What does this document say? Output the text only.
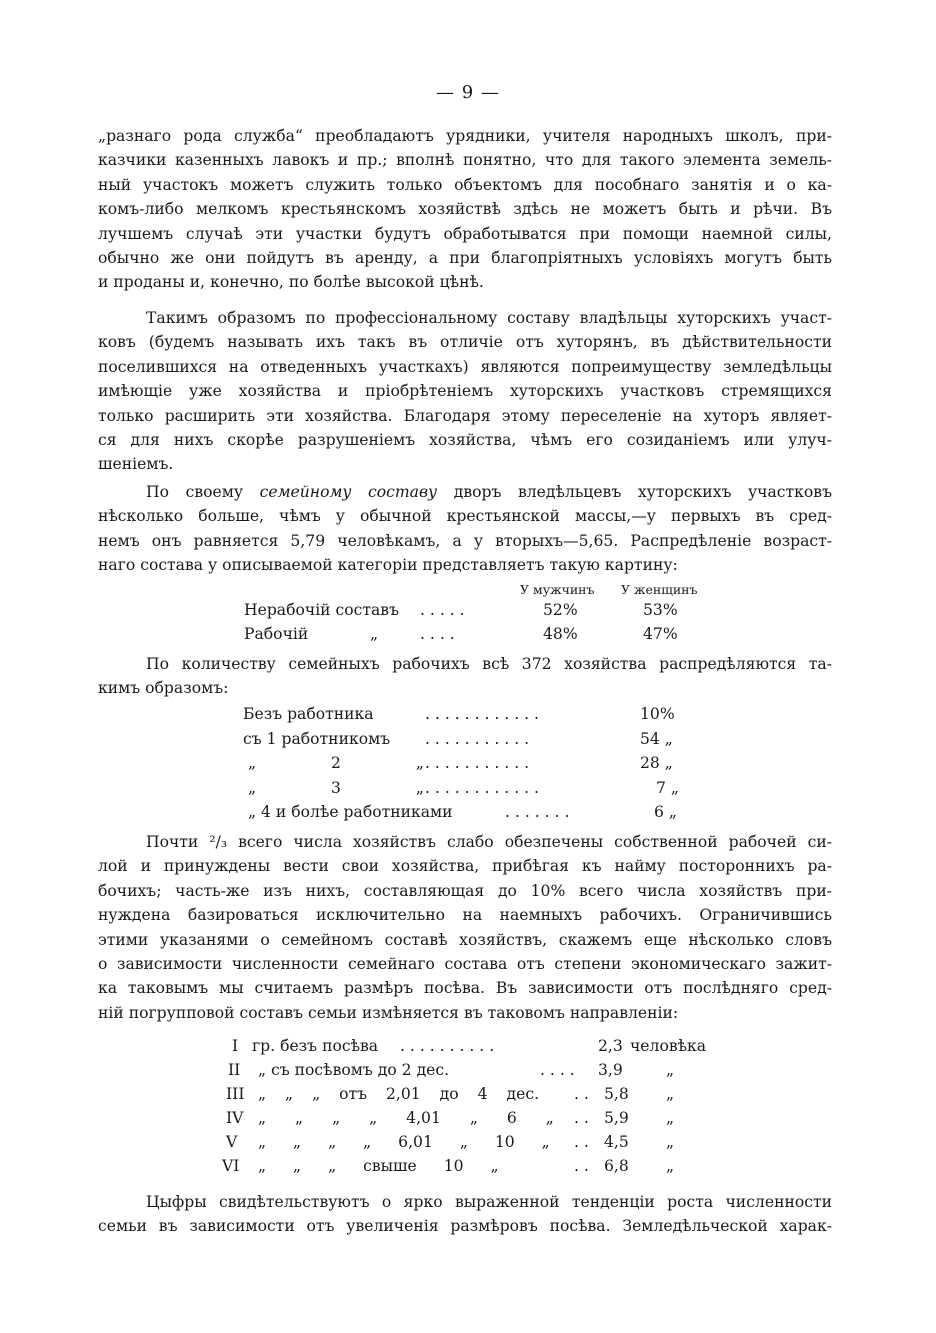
— 9 —
„разнаго рода служба“ преобладаютъ урядники, учителя народныхъ школъ, при-
казчики казенныхъ лавокъ и пр.; вполнѣ понятно, что для такого элемента земель-
ный участокъ можетъ служить только объектомъ для пособнаго занятія и о ка-
комъ-либо мелкомъ крестьянскомъ хозяйствѣ здѣсь не можетъ быть и рѣчи. Въ
лучшемъ случаѣ эти участки будутъ обработыватся при помощи наемной силы,
обычно же они пойдутъ въ аренду, а при благопріятныхъ условіяхъ могутъ быть
и проданы и, конечно, по болѣе высокой цѣнѣ.
Такимъ образомъ по профессіональному составу владѣльцы хуторскихъ участ-
ковъ (будемъ называть ихъ такъ въ отличіе отъ хуторянъ, въ дѣйствительности
поселившихся на отведенныхъ участкахъ) являются попреимуществу земледѣльцы
имѣющіе уже хозяйства и пріобрѣтеніемъ хуторскихъ участковъ стремящихся
только расширить эти хозяйства. Благодаря этому переселеніе на хуторъ являет-
ся для нихъ скорѣе разрушеніемъ хозяйства, чѣмъ его созиданіемъ или улуч-
шеніемъ.
По своему семейному составу дворъ вледѣльцевъ хуторскихъ участковъ
нѣсколько больше, чѣмъ у обычной крестьянской массы,—у первыхъ въ сред-
немъ онъ равняется 5,79 человѣкамъ, а у вторыхъ—5,65. Распредѣленіе возраст-
наго состава у описываемой категоріи представляетъ такую картину:
У мужчинъ У женщинъ
Нерабочій составъ . . . . .	52%	53%
Рабочій	„	. . . .	48%	47%
По количеству семейныхъ рабочихъ всѣ 372 хозяйства распредѣляются та-
кимъ образомъ:
Безъ работника	. . . . . . . . . . . .	10%
съ 1 работникомъ . . . . . . . . . . .	54 „
„ 2 „ . . . . . . . . . . .	28 „
„ 3 „ . . . . . . . . . . . .	7 „
„ 4 и болѣе работниками	. . . . . . .	6 „
Почти ²/₃ всего числа хозяйствъ слабо обезпечены собственной рабочей си-
лой и принуждены вести свои хозяйства, прибѣгая къ найму постороннихъ ра-
бочихъ; часть-же изъ нихъ, составляющая до 10% всего числа хозяйствъ при-
нуждена базироваться исключительно на наемныхъ рабочихъ. Ограничившись
этими указанями о семейномъ составѣ хозяйствъ, скажемъ еще нѣсколько словъ
о зависимости численности семейнаго состава отъ степени экономическаго зажит-
ка таковымъ мы считаемъ размѣръ посѣва. Въ зависимости отъ послѣдняго сред-
ній погрупповой составъ семьи измѣняется въ таковомъ направленіи:
I гр. безъ посѣва . . . . . . . . . .	2,3 человѣка
II „ съ посѣвомъ до 2 дес.	. . . . 3,9	„
III „ „ „ отъ 2,01 до 4 дес. . . 5,8 „
IV „ „ „ „ 4,01 „ 6 „ . . 5,9 „
V „ „ „ „ 6,01 „ 10 „ . . 4,5 „
VI „ „ „ свыше 10 „	. . 6,8 „
Цыфры свидѣтельствуютъ о ярко выраженной тенденціи роста численности
семьи въ зависимости отъ увеличенія размѣровъ посѣва. Земледѣльческой харак-
